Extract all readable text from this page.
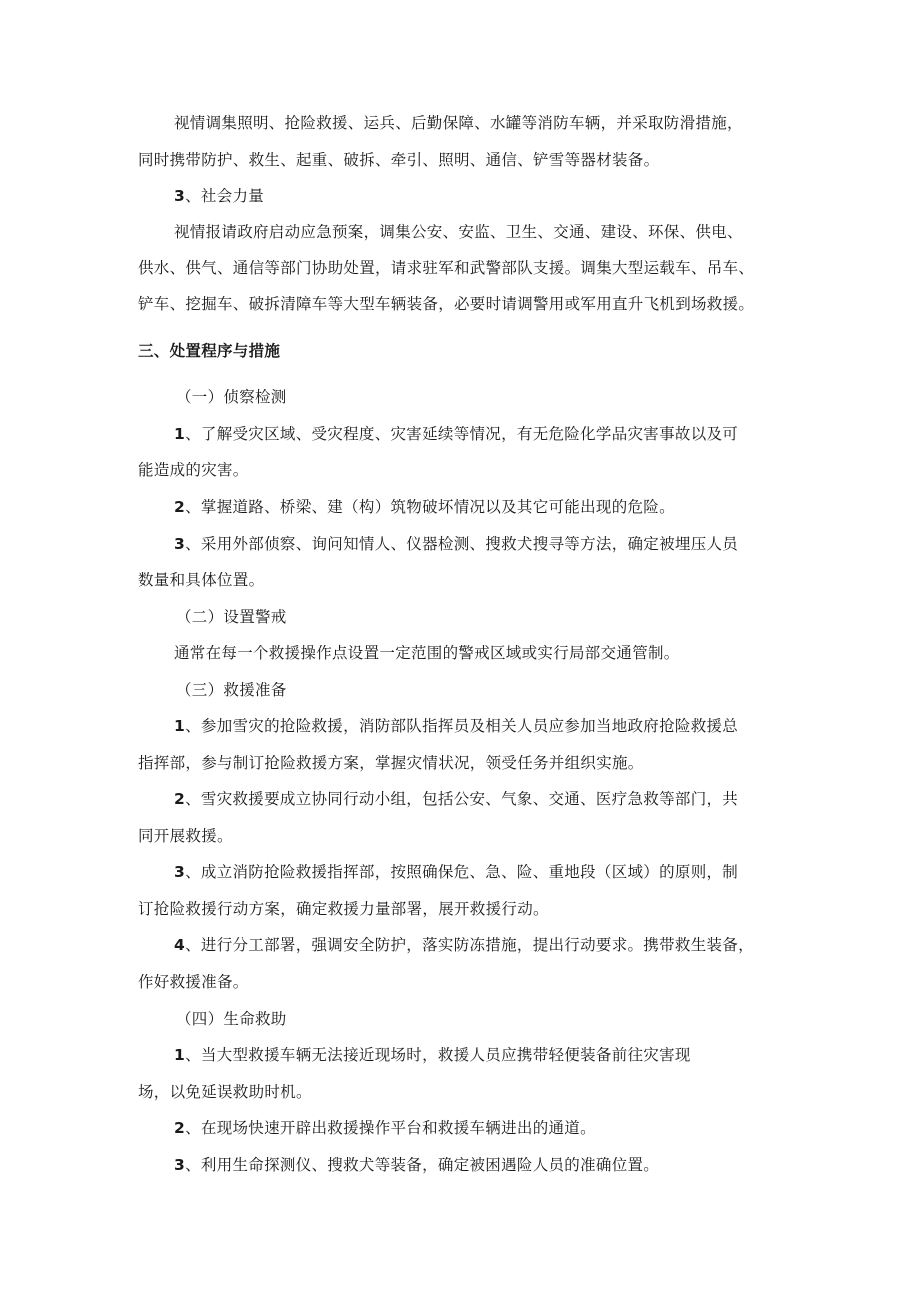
视情调集照明、抢险救援、运兵、后勤保障、水罐等消防车辆，并采取防滑措施，
同时携带防护、救生、起重、破拆、牵引、照明、通信、铲雪等器材装备。
3、社会力量
视情报请政府启动应急预案，调集公安、安监、卫生、交通、建设、环保、供电、
供水、供气、通信等部门协助处置，请求驻军和武警部队支援。调集大型运载车、吊车、
铲车、挖掘车、破拆清障车等大型车辆装备，必要时请调警用或军用直升飞机到场救援。
三、处置程序与措施
（一）侦察检测
1、了解受灾区域、受灾程度、灾害延续等情况，有无危险化学品灾害事故以及可
能造成的灾害。
2、掌握道路、桥梁、建（构）筑物破坏情况以及其它可能出现的危险。
3、采用外部侦察、询问知情人、仪器检测、搜救犬搜寻等方法，确定被埋压人员
数量和具体位置。
（二）设置警戒
通常在每一个救援操作点设置一定范围的警戒区域或实行局部交通管制。
（三）救援准备
1、参加雪灾的抢险救援，消防部队指挥员及相关人员应参加当地政府抢险救援总
指挥部，参与制订抢险救援方案，掌握灾情状况，领受任务并组织实施。
2、雪灾救援要成立协同行动小组，包括公安、气象、交通、医疗急救等部门，共
同开展救援。
3、成立消防抢险救援指挥部，按照确保危、急、险、重地段（区域）的原则，制
订抢险救援行动方案，确定救援力量部署，展开救援行动。
4、进行分工部署，强调安全防护，落实防冻措施，提出行动要求。携带救生装备，
作好救援准备。
（四）生命救助
1、当大型救援车辆无法接近现场时，救援人员应携带轻便装备前往灾害现
场，以免延误救助时机。
2、在现场快速开辟出救援操作平台和救援车辆进出的通道。
3、利用生命探测仪、搜救犬等装备，确定被困遇险人员的准确位置。
